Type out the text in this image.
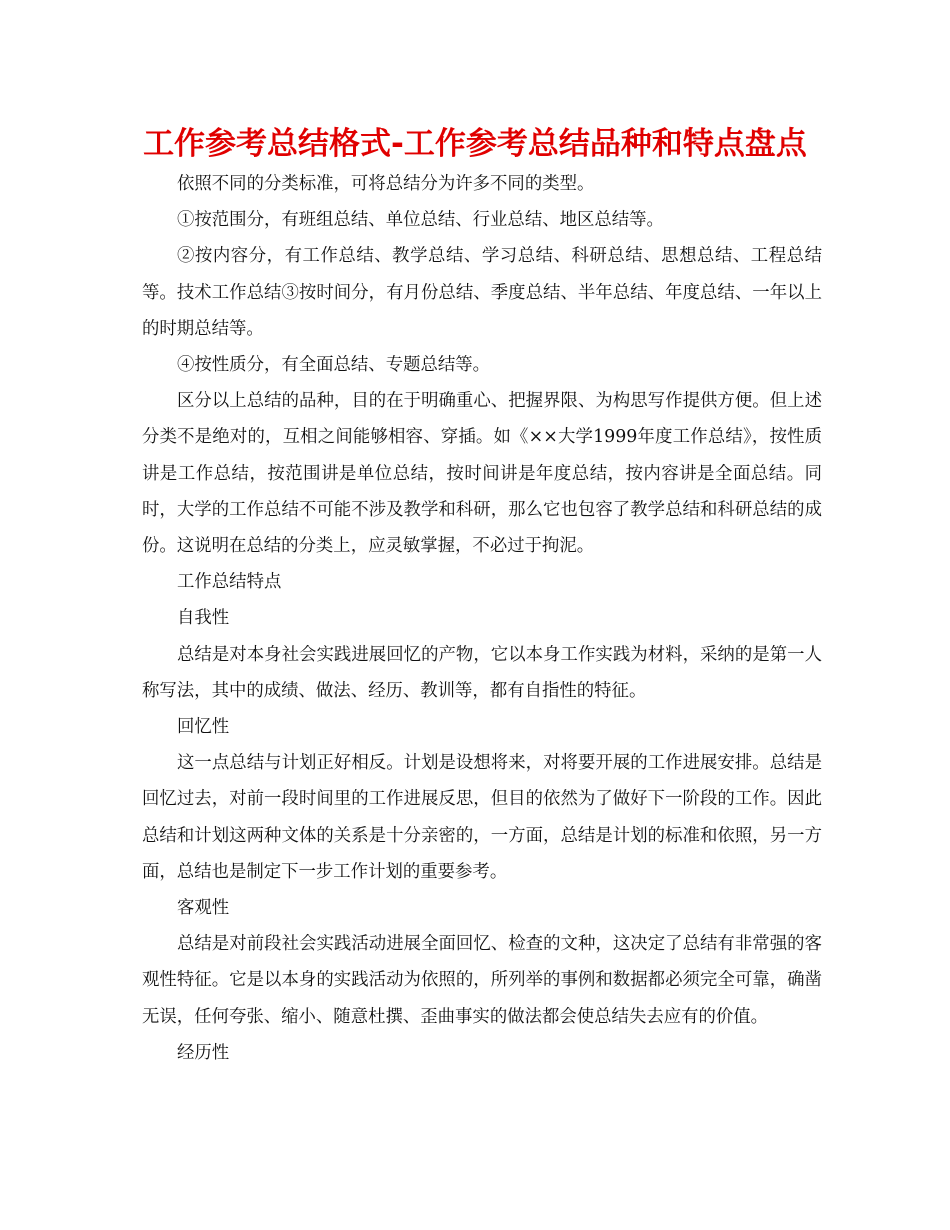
工作参考总结格式-工作参考总结品种和特点盘点

依照不同的分类标准，可将总结分为许多不同的类型。

①按范围分，有班组总结、单位总结、行业总结、地区总结等。

②按内容分，有工作总结、教学总结、学习总结、科研总结、思想总结、工程总结等。技术工作总结③按时间分，有月份总结、季度总结、半年总结、年度总结、一年以上的时期总结等。

④按性质分，有全面总结、专题总结等。

区分以上总结的品种，目的在于明确重心、把握界限、为构思写作提供方便。但上述分类不是绝对的，互相之间能够相容、穿插。如《××大学1999年度工作总结》，按性质讲是工作总结，按范围讲是单位总结，按时间讲是年度总结，按内容讲是全面总结。同时，大学的工作总结不可能不涉及教学和科研，那么它也包容了教学总结和科研总结的成份。这说明在总结的分类上，应灵敏掌握，不必过于拘泥。

工作总结特点

自我性

总结是对本身社会实践进展回忆的产物，它以本身工作实践为材料，采纳的是第一人称写法，其中的成绩、做法、经历、教训等，都有自指性的特征。

回忆性

这一点总结与计划正好相反。计划是设想将来，对将要开展的工作进展安排。总结是回忆过去，对前一段时间里的工作进展反思，但目的依然为了做好下一阶段的工作。因此总结和计划这两种文体的关系是十分亲密的，一方面，总结是计划的标准和依照，另一方面，总结也是制定下一步工作计划的重要参考。

客观性

总结是对前段社会实践活动进展全面回忆、检查的文种，这决定了总结有非常强的客观性特征。它是以本身的实践活动为依照的，所列举的事例和数据都必须完全可靠，确凿无误，任何夸张、缩小、随意杜撰、歪曲事实的做法都会使总结失去应有的价值。

经历性
